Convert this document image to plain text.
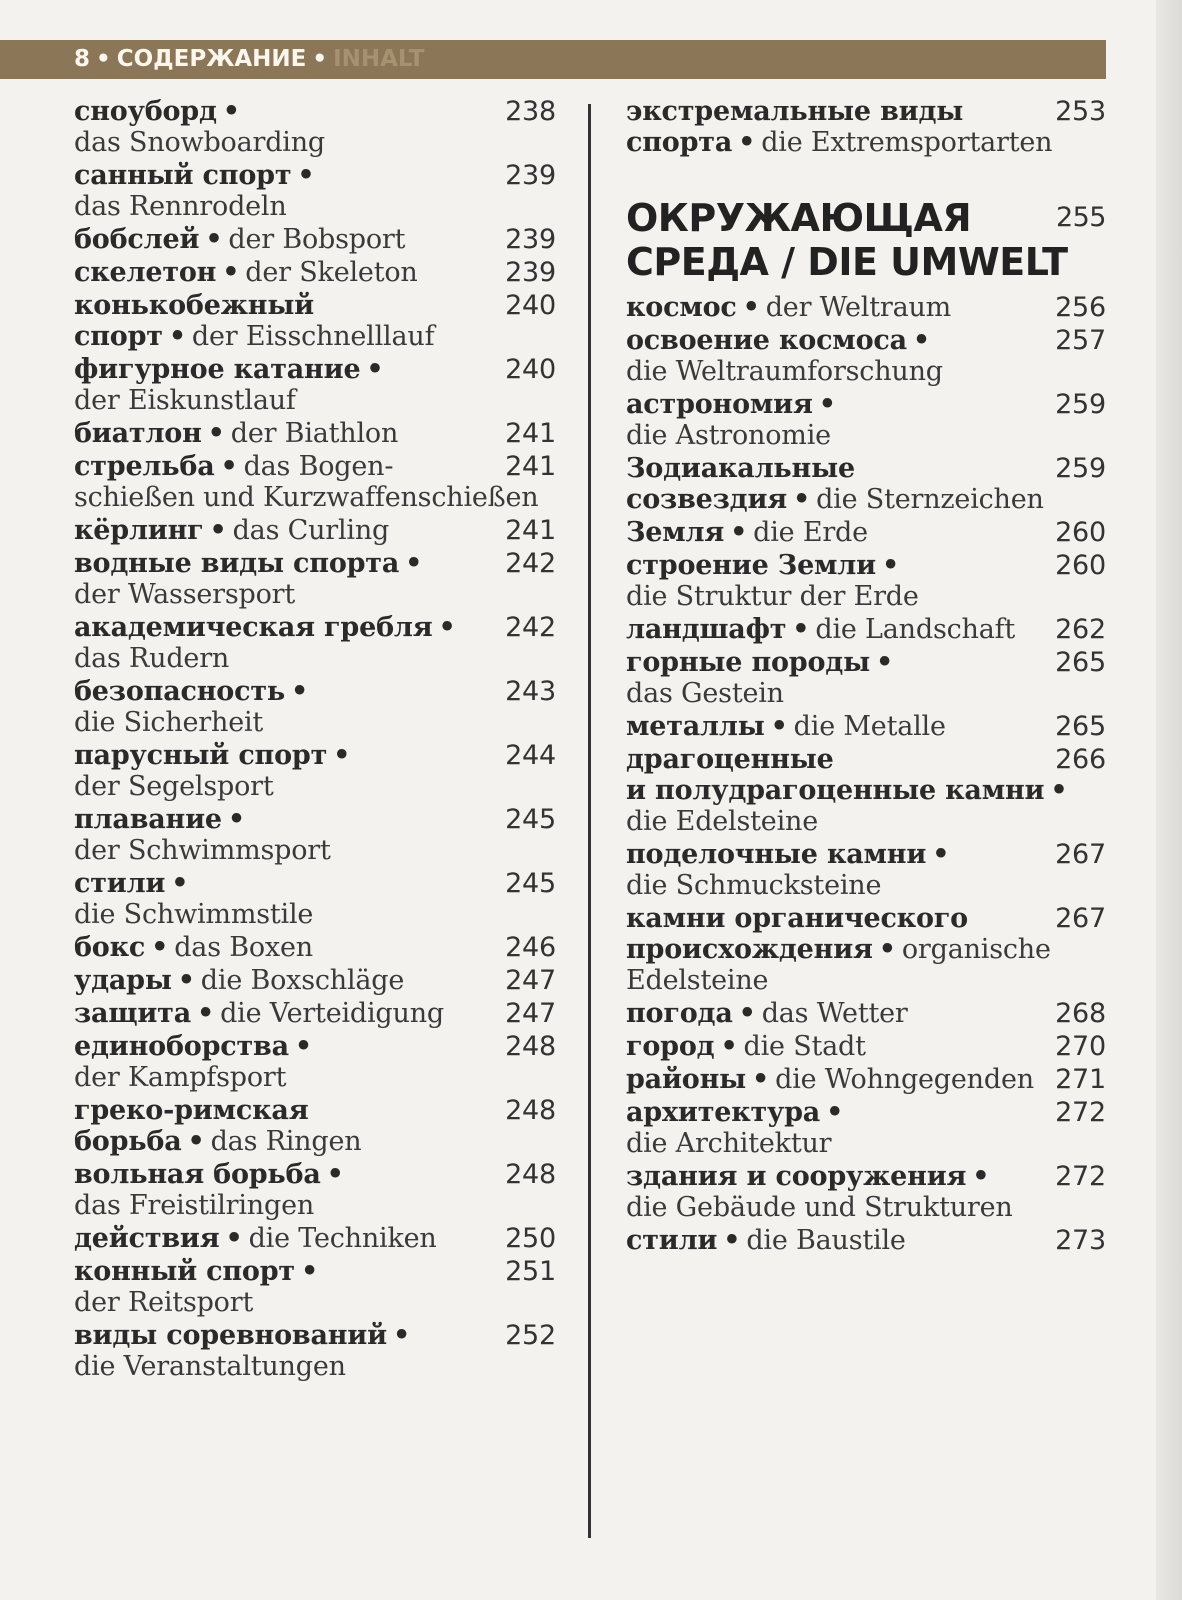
8 • СОДЕРЖАНИЕ • INHALT
снoуборд •	238
das Snowboarding
санный спорт •	239
das Rennrodeln
бобслей • der Bobsport	239
скелетон • der Skeleton	239
конькобежный	240
спорт • der Eisschnelllauf
фигурное катание •	240
der Eiskunstlauf
биатлон • der Biathlon	241
стрельба • das Bogen-	241
schießen und Kurzwaffenschießen
кёрлинг • das Curling	241
водные виды спорта •	242
der Wassersport
академическая гребля • 242
das Rudern
безопасность •	243
die Sicherheit
парусный спорт •	244
der Segelsport
плавание •	245
der Schwimmsport
стили •	245
die Schwimmstile
бокс • das Boxen	246
удары • die Boxschläge	247
защита • die Verteidigung 247
единоборства •	248
der Kampfsport
греко-римская	248
борьба • das Ringen
вольная борьба •	248
das Freistilringen
действия • die Techniken	250
конный спорт •	251
der Reitsport
виды соревнований •	252
die Veranstaltungen
экстремальные виды	253
спорта • die Extremsportarten
ОКРУЖАЮЩАЯ
СРЕДА / DIE UMWELT
255
космос • der Weltraum	256
освоение космоса •	257
die Weltraumforschung
астрономия •	259
die Astronomie
Зодиакальные	259
созвездия • die Sternzeichen
Земля • die Erde	260
строение Земли •	260
die Struktur der Erde
ландшафт • die Landschaft 262
горные породы •	265
das Gestein
металлы • die Metalle	265
драгоценные	266
и полудрагоценные камни •
die Edelsteine
поделочные камни •	267
die Schmucksteine
камни органического	267
происхождения • organische
Edelsteine
погода • das Wetter	268
город • die Stadt	270
районы • die Wohngegenden 271
архитектура •	272
die Architektur
здания и сооружения • 272
die Gebäude und Strukturen
стили • die Baustile	273
